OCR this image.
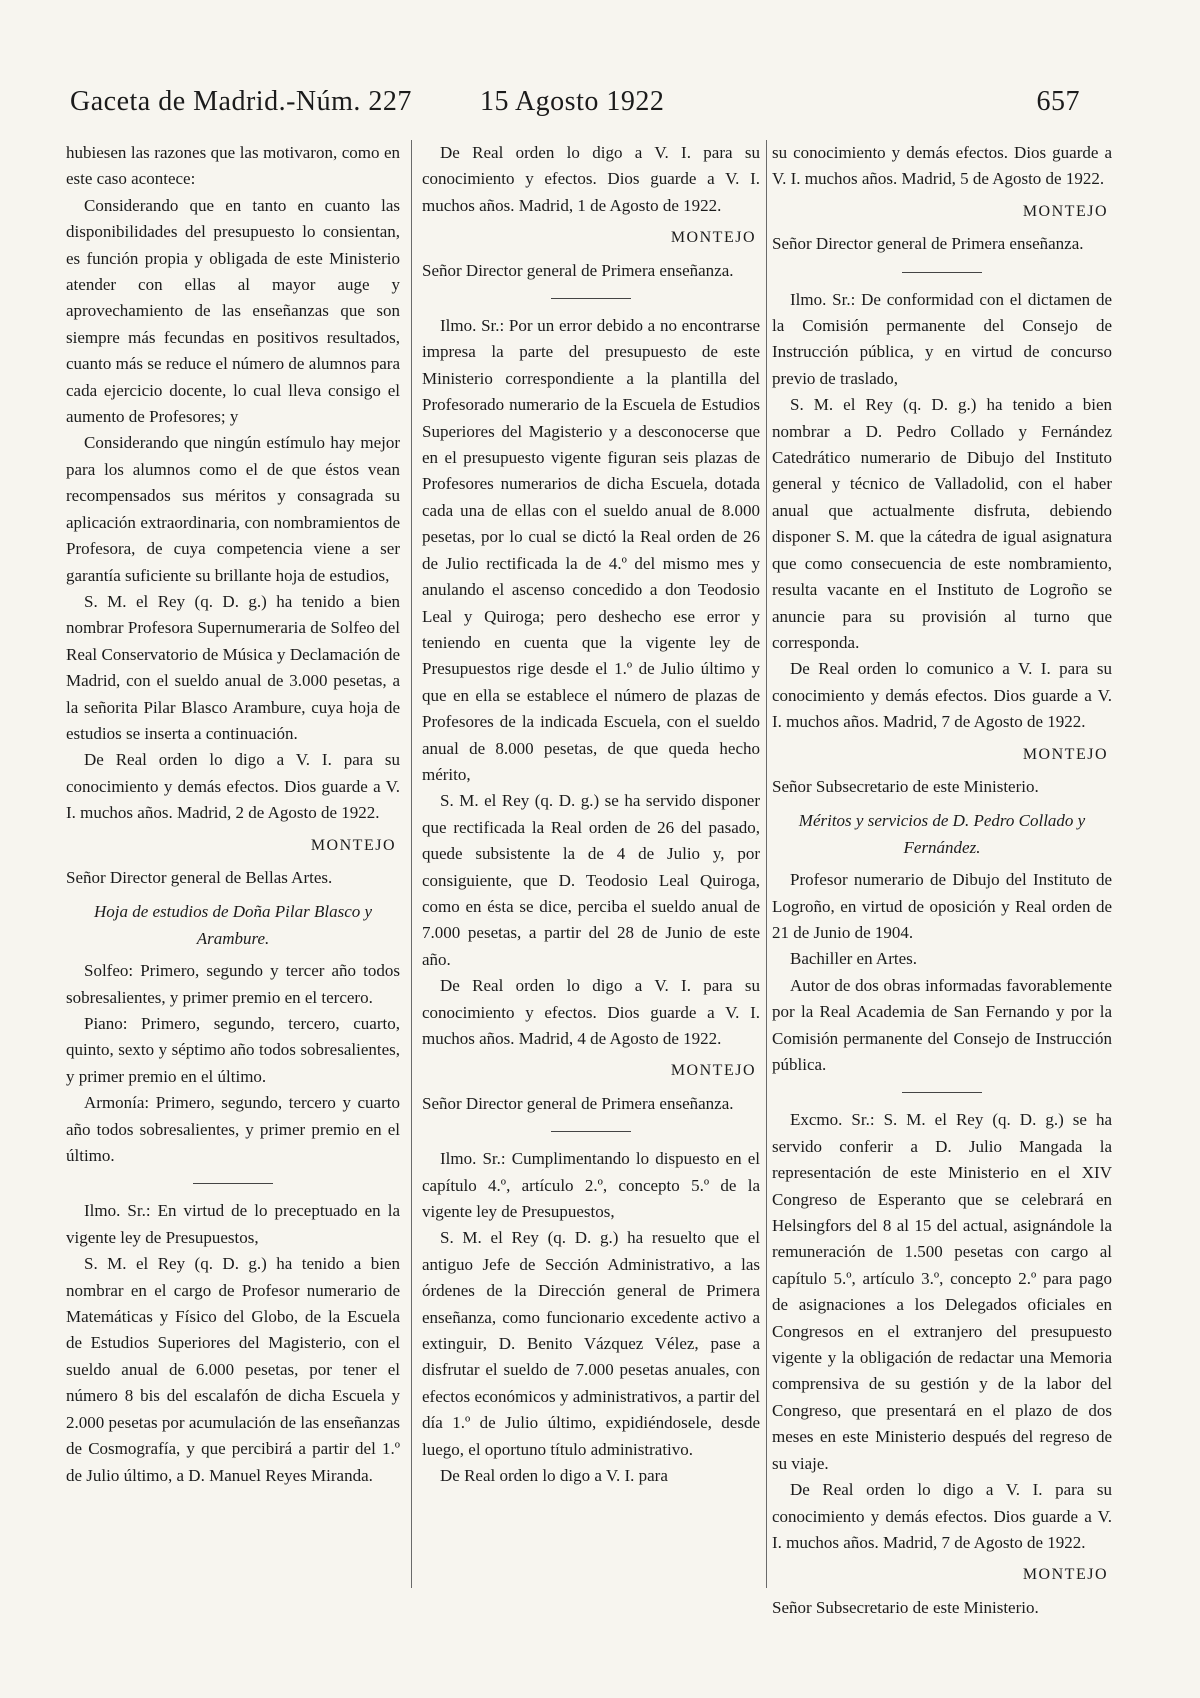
Gaceta de Madrid.-Núm. 227 15 Agosto 1922	657

hubiesen las razones que las motivaron, como en este caso acontece:

Considerando que en tanto en cuanto las disponibilidades del presupuesto lo consientan, es función propia y obligada de este Ministerio atender con ellas al mayor auge y aprovechamiento de las enseñanzas que son siempre más fecundas en positivos resultados, cuanto más se reduce el número de alumnos para cada ejercicio docente, lo cual lleva consigo el aumento de Profesores; y

Considerando que ningún estímulo hay mejor para los alumnos como el de que éstos vean recompensados sus méritos y consagrada su aplicación extraordinaria, con nombramientos de Profesora, de cuya competencia viene a ser garantía suficiente su brillante hoja de estudios,

S. M. el Rey (q. D. g.) ha tenido a bien nombrar Profesora Supernumeraria de Solfeo del Real Conservatorio de Música y Declamación de Madrid, con el sueldo anual de 3.000 pesetas, a la señorita Pilar Blasco Arambure, cuya hoja de estudios se inserta a continuación.

De Real orden lo digo a V. I. para su conocimiento y demás efectos. Dios guarde a V. I. muchos años. Madrid, 2 de Agosto de 1922.

MONTEJO

Señor Director general de Bellas Artes.

Hoja de estudios de Doña Pilar Blasco y Arambure.

Solfeo: Primero, segundo y tercer año todos sobresalientes, y primer premio en el tercero.

Piano: Primero, segundo, tercero, cuarto, quinto, sexto y séptimo año todos sobresalientes, y primer premio en el último.

Armonía: Primero, segundo, tercero y cuarto año todos sobresalientes, y primer premio en el último.

Ilmo. Sr.: En virtud de lo preceptuado en la vigente ley de Presupuestos,

S. M. el Rey (q. D. g.) ha tenido a bien nombrar en el cargo de Profesor numerario de Matemáticas y Físico del Globo, de la Escuela de Estudios Superiores del Magisterio, con el sueldo anual de 6.000 pesetas, por tener el número 8 bis del escalafón de dicha Escuela y 2.000 pesetas por acumulación de las enseñanzas de Cosmografía, y que percibirá a partir del 1.º de Julio último, a D. Manuel Reyes Miranda.

De Real orden lo digo a V. I. para su conocimiento y efectos. Dios guarde a V. I. muchos años. Madrid, 1 de Agosto de 1922.

MONTEJO

Señor Director general de Primera enseñanza.

Ilmo. Sr.: Por un error debido a no encontrarse impresa la parte del presupuesto de este Ministerio correspondiente a la plantilla del Profesorado numerario de la Escuela de Estudios Superiores del Magisterio y a desconocerse que en el presupuesto vigente figuran seis plazas de Profesores numerarios de dicha Escuela, dotada cada una de ellas con el sueldo anual de 8.000 pesetas, por lo cual se dictó la Real orden de 26 de Julio rectificada la de 4.º del mismo mes y anulando el ascenso concedido a don Teodosio Leal y Quiroga; pero deshecho ese error y teniendo en cuenta que la vigente ley de Presupuestos rige desde el 1.º de Julio último y que en ella se establece el número de plazas de Profesores de la indicada Escuela, con el sueldo anual de 8.000 pesetas, de que queda hecho mérito,

S. M. el Rey (q. D. g.) se ha servido disponer que rectificada la Real orden de 26 del pasado, quede subsistente la de 4 de Julio y, por consiguiente, que D. Teodosio Leal Quiroga, como en ésta se dice, perciba el sueldo anual de 7.000 pesetas, a partir del 28 de Junio de este año.

De Real orden lo digo a V. I. para su conocimiento y efectos. Dios guarde a V. I. muchos años. Madrid, 4 de Agosto de 1922.

MONTEJO

Señor Director general de Primera enseñanza.

Ilmo. Sr.: Cumplimentando lo dispuesto en el capítulo 4.º, artículo 2.º, concepto 5.º de la vigente ley de Presupuestos,

S. M. el Rey (q. D. g.) ha resuelto que el antiguo Jefe de Sección Administrativo, a las órdenes de la Dirección general de Primera enseñanza, como funcionario excedente activo a extinguir, D. Benito Vázquez Vélez, pase a disfrutar el sueldo de 7.000 pesetas anuales, con efectos económicos y administrativos, a partir del día 1.º de Julio último, expidiéndosele, desde luego, el oportuno título administrativo.

De Real orden lo digo a V. I. para

su conocimiento y demás efectos. Dios guarde a V. I. muchos años. Madrid, 5 de Agosto de 1922.

MONTEJO

Señor Director general de Primera enseñanza.

Ilmo. Sr.: De conformidad con el dictamen de la Comisión permanente del Consejo de Instrucción pública, y en virtud de concurso previo de traslado,

S. M. el Rey (q. D. g.) ha tenido a bien nombrar a D. Pedro Collado y Fernández Catedrático numerario de Dibujo del Instituto general y técnico de Valladolid, con el haber anual que actualmente disfruta, debiendo disponer S. M. que la cátedra de igual asignatura que como consecuencia de este nombramiento, resulta vacante en el Instituto de Logroño se anuncie para su provisión al turno que corresponda.

De Real orden lo comunico a V. I. para su conocimiento y demás efectos. Dios guarde a V. I. muchos años. Madrid, 7 de Agosto de 1922.

MONTEJO

Señor Subsecretario de este Ministerio.

Méritos y servicios de D. Pedro Collado y Fernández.

Profesor numerario de Dibujo del Instituto de Logroño, en virtud de oposición y Real orden de 21 de Junio de 1904.

Bachiller en Artes.

Autor de dos obras informadas favorablemente por la Real Academia de San Fernando y por la Comisión permanente del Consejo de Instrucción pública.

Excmo. Sr.: S. M. el Rey (q. D. g.) se ha servido conferir a D. Julio Mangada la representación de este Ministerio en el XIV Congreso de Esperanto que se celebrará en Helsingfors del 8 al 15 del actual, asignándole la remuneración de 1.500 pesetas con cargo al capítulo 5.º, artículo 3.º, concepto 2.º para pago de asignaciones a los Delegados oficiales en Congresos en el extranjero del presupuesto vigente y la obligación de redactar una Memoria comprensiva de su gestión y de la labor del Congreso, que presentará en el plazo de dos meses en este Ministerio después del regreso de su viaje.

De Real orden lo digo a V. I. para su conocimiento y demás efectos. Dios guarde a V. I. muchos años. Madrid, 7 de Agosto de 1922.

MONTEJO

Señor Subsecretario de este Ministerio.
